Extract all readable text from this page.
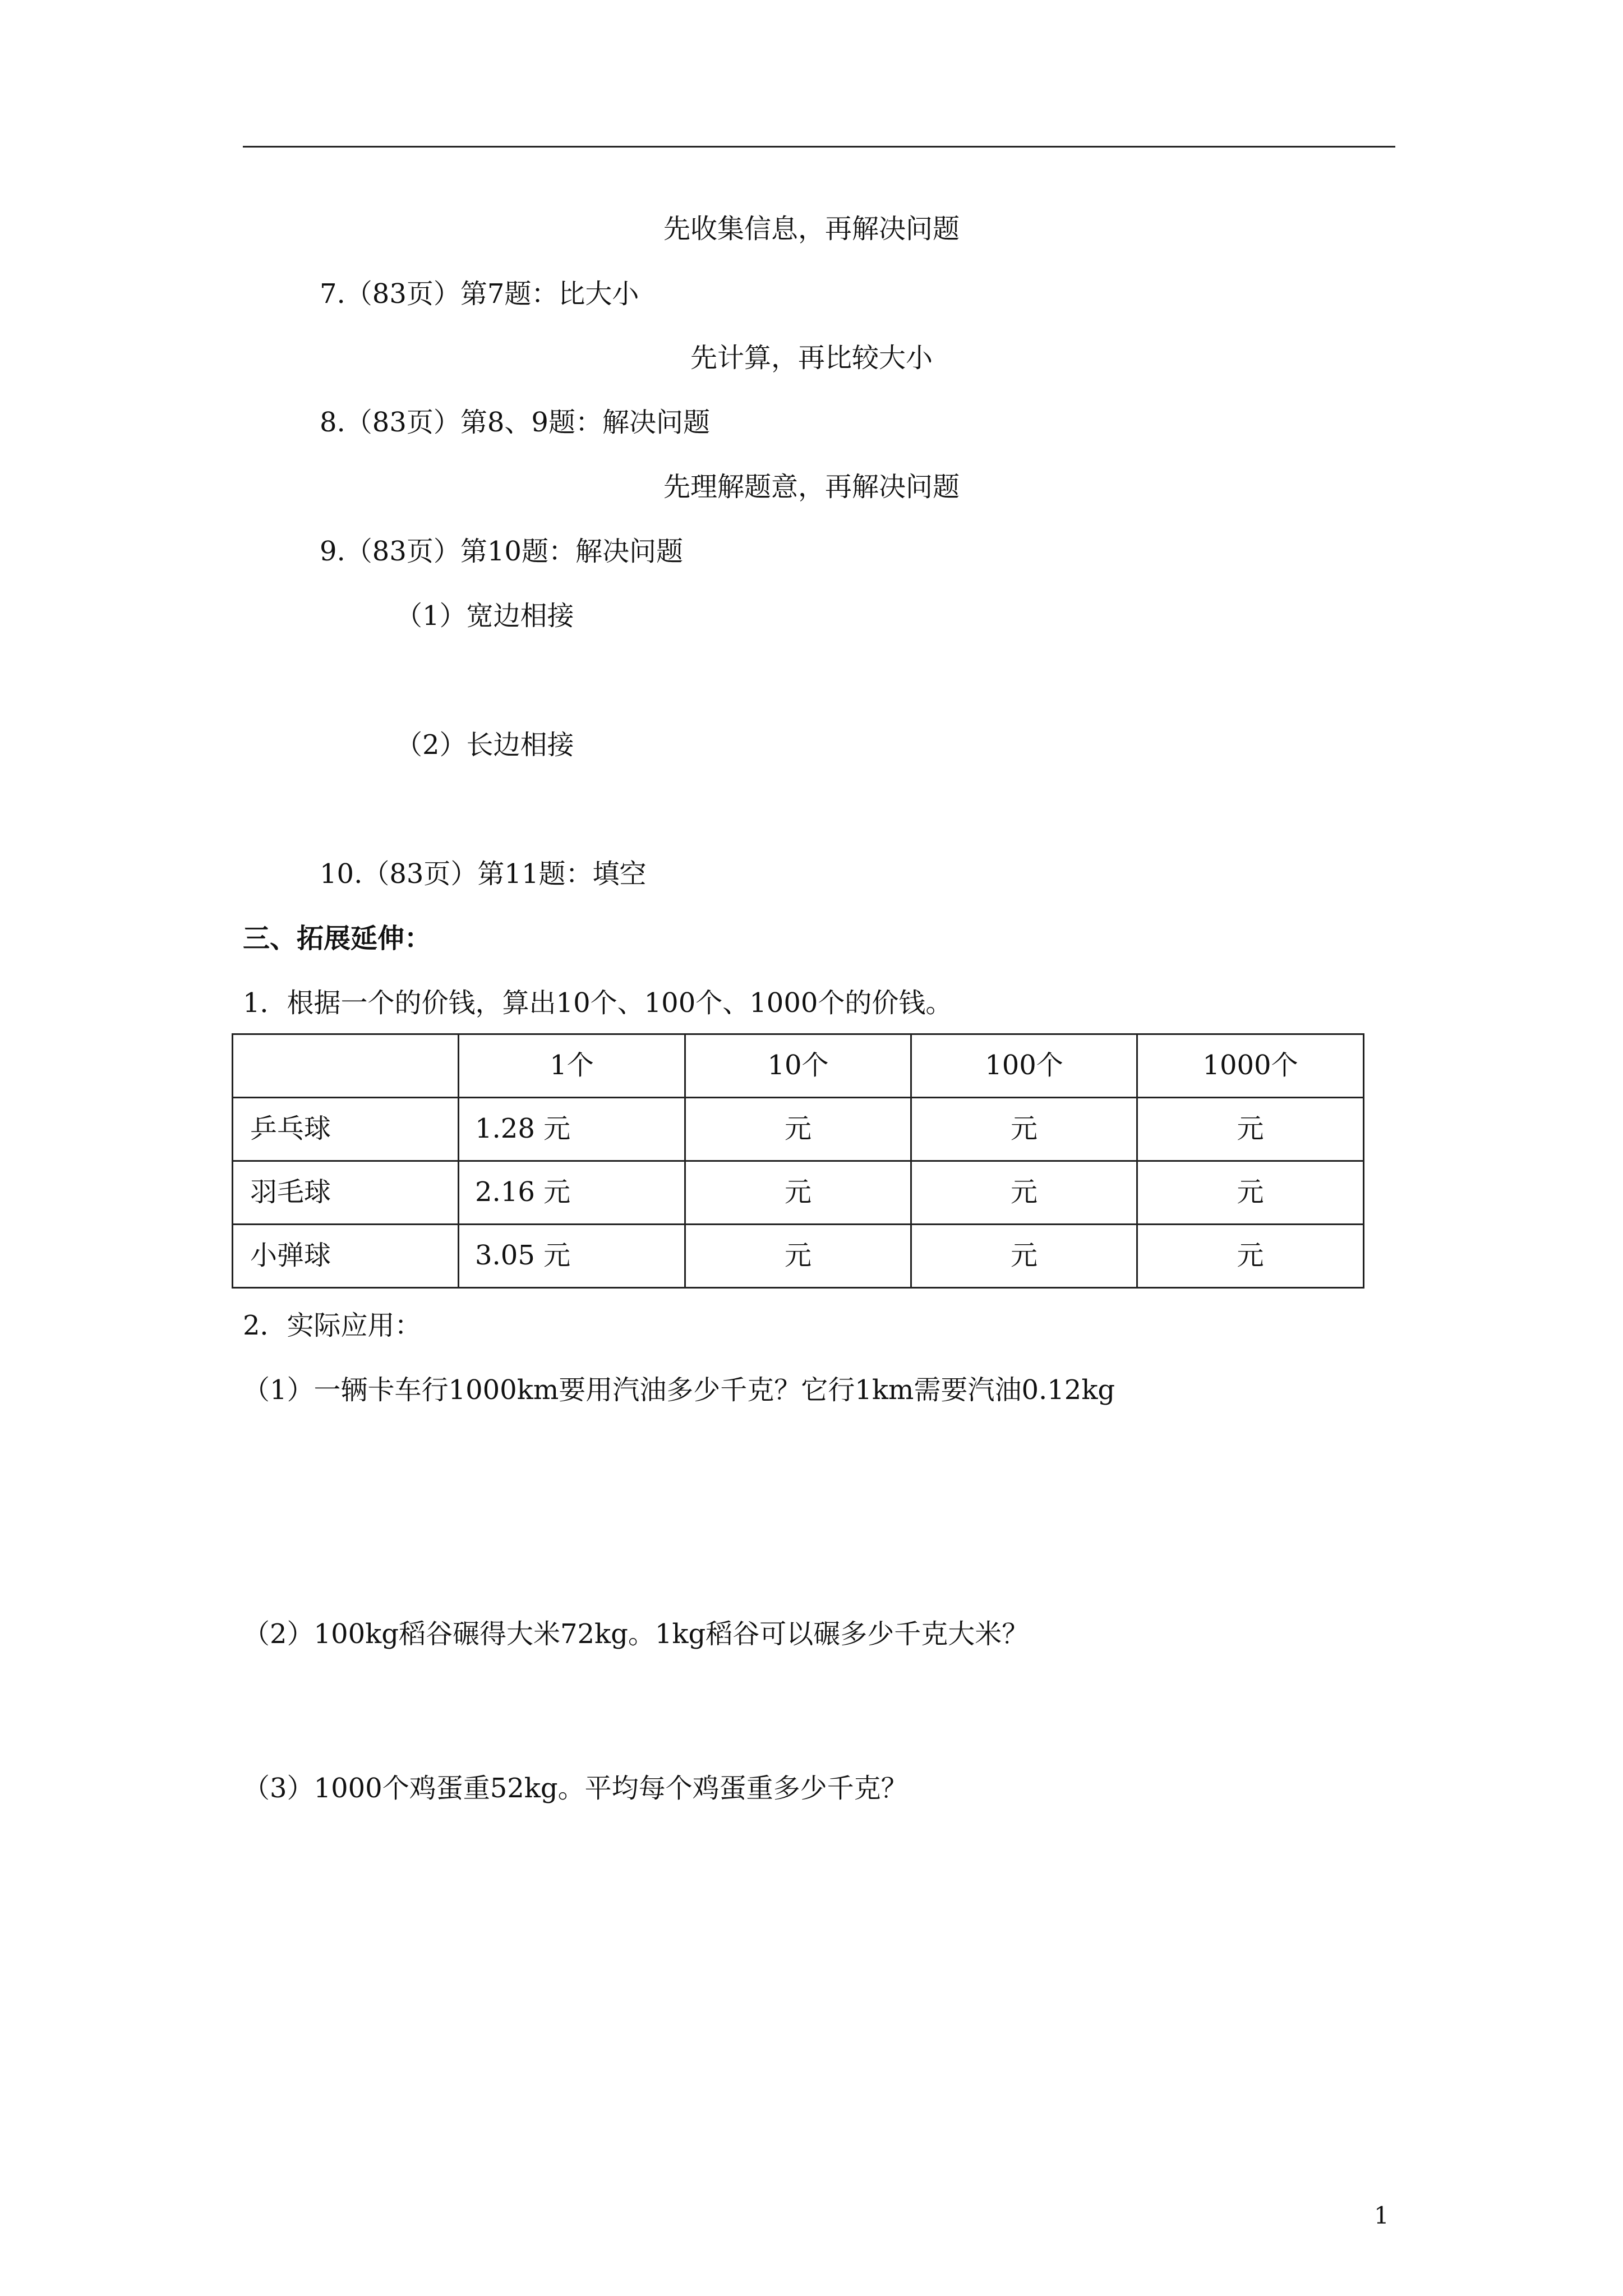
先收集信息，再解决问题
7.（83页）第7题：比大小
先计算，再比较大小
8.（83页）第8、9题：解决问题
先理解题意，再解决问题
9.（83页）第10题：解决问题
（1）宽边相接
（2）长边相接
10.（83页）第11题：填空
三、拓展延伸：
1．根据一个的价钱，算出10个、100个、1000个的价钱。
	1个	10个	100个	1000个
乒乓球	1.28 元	元	元	元
羽毛球	2.16 元	元	元	元
小弹球	3.05 元	元	元	元
2．实际应用：
（1）一辆卡车行1000km要用汽油多少千克？它行1km需要汽油0.12kg
（2）100kg稻谷碾得大米72kg。1kg稻谷可以碾多少千克大米？
（3）1000个鸡蛋重52kg。平均每个鸡蛋重多少千克？
1
